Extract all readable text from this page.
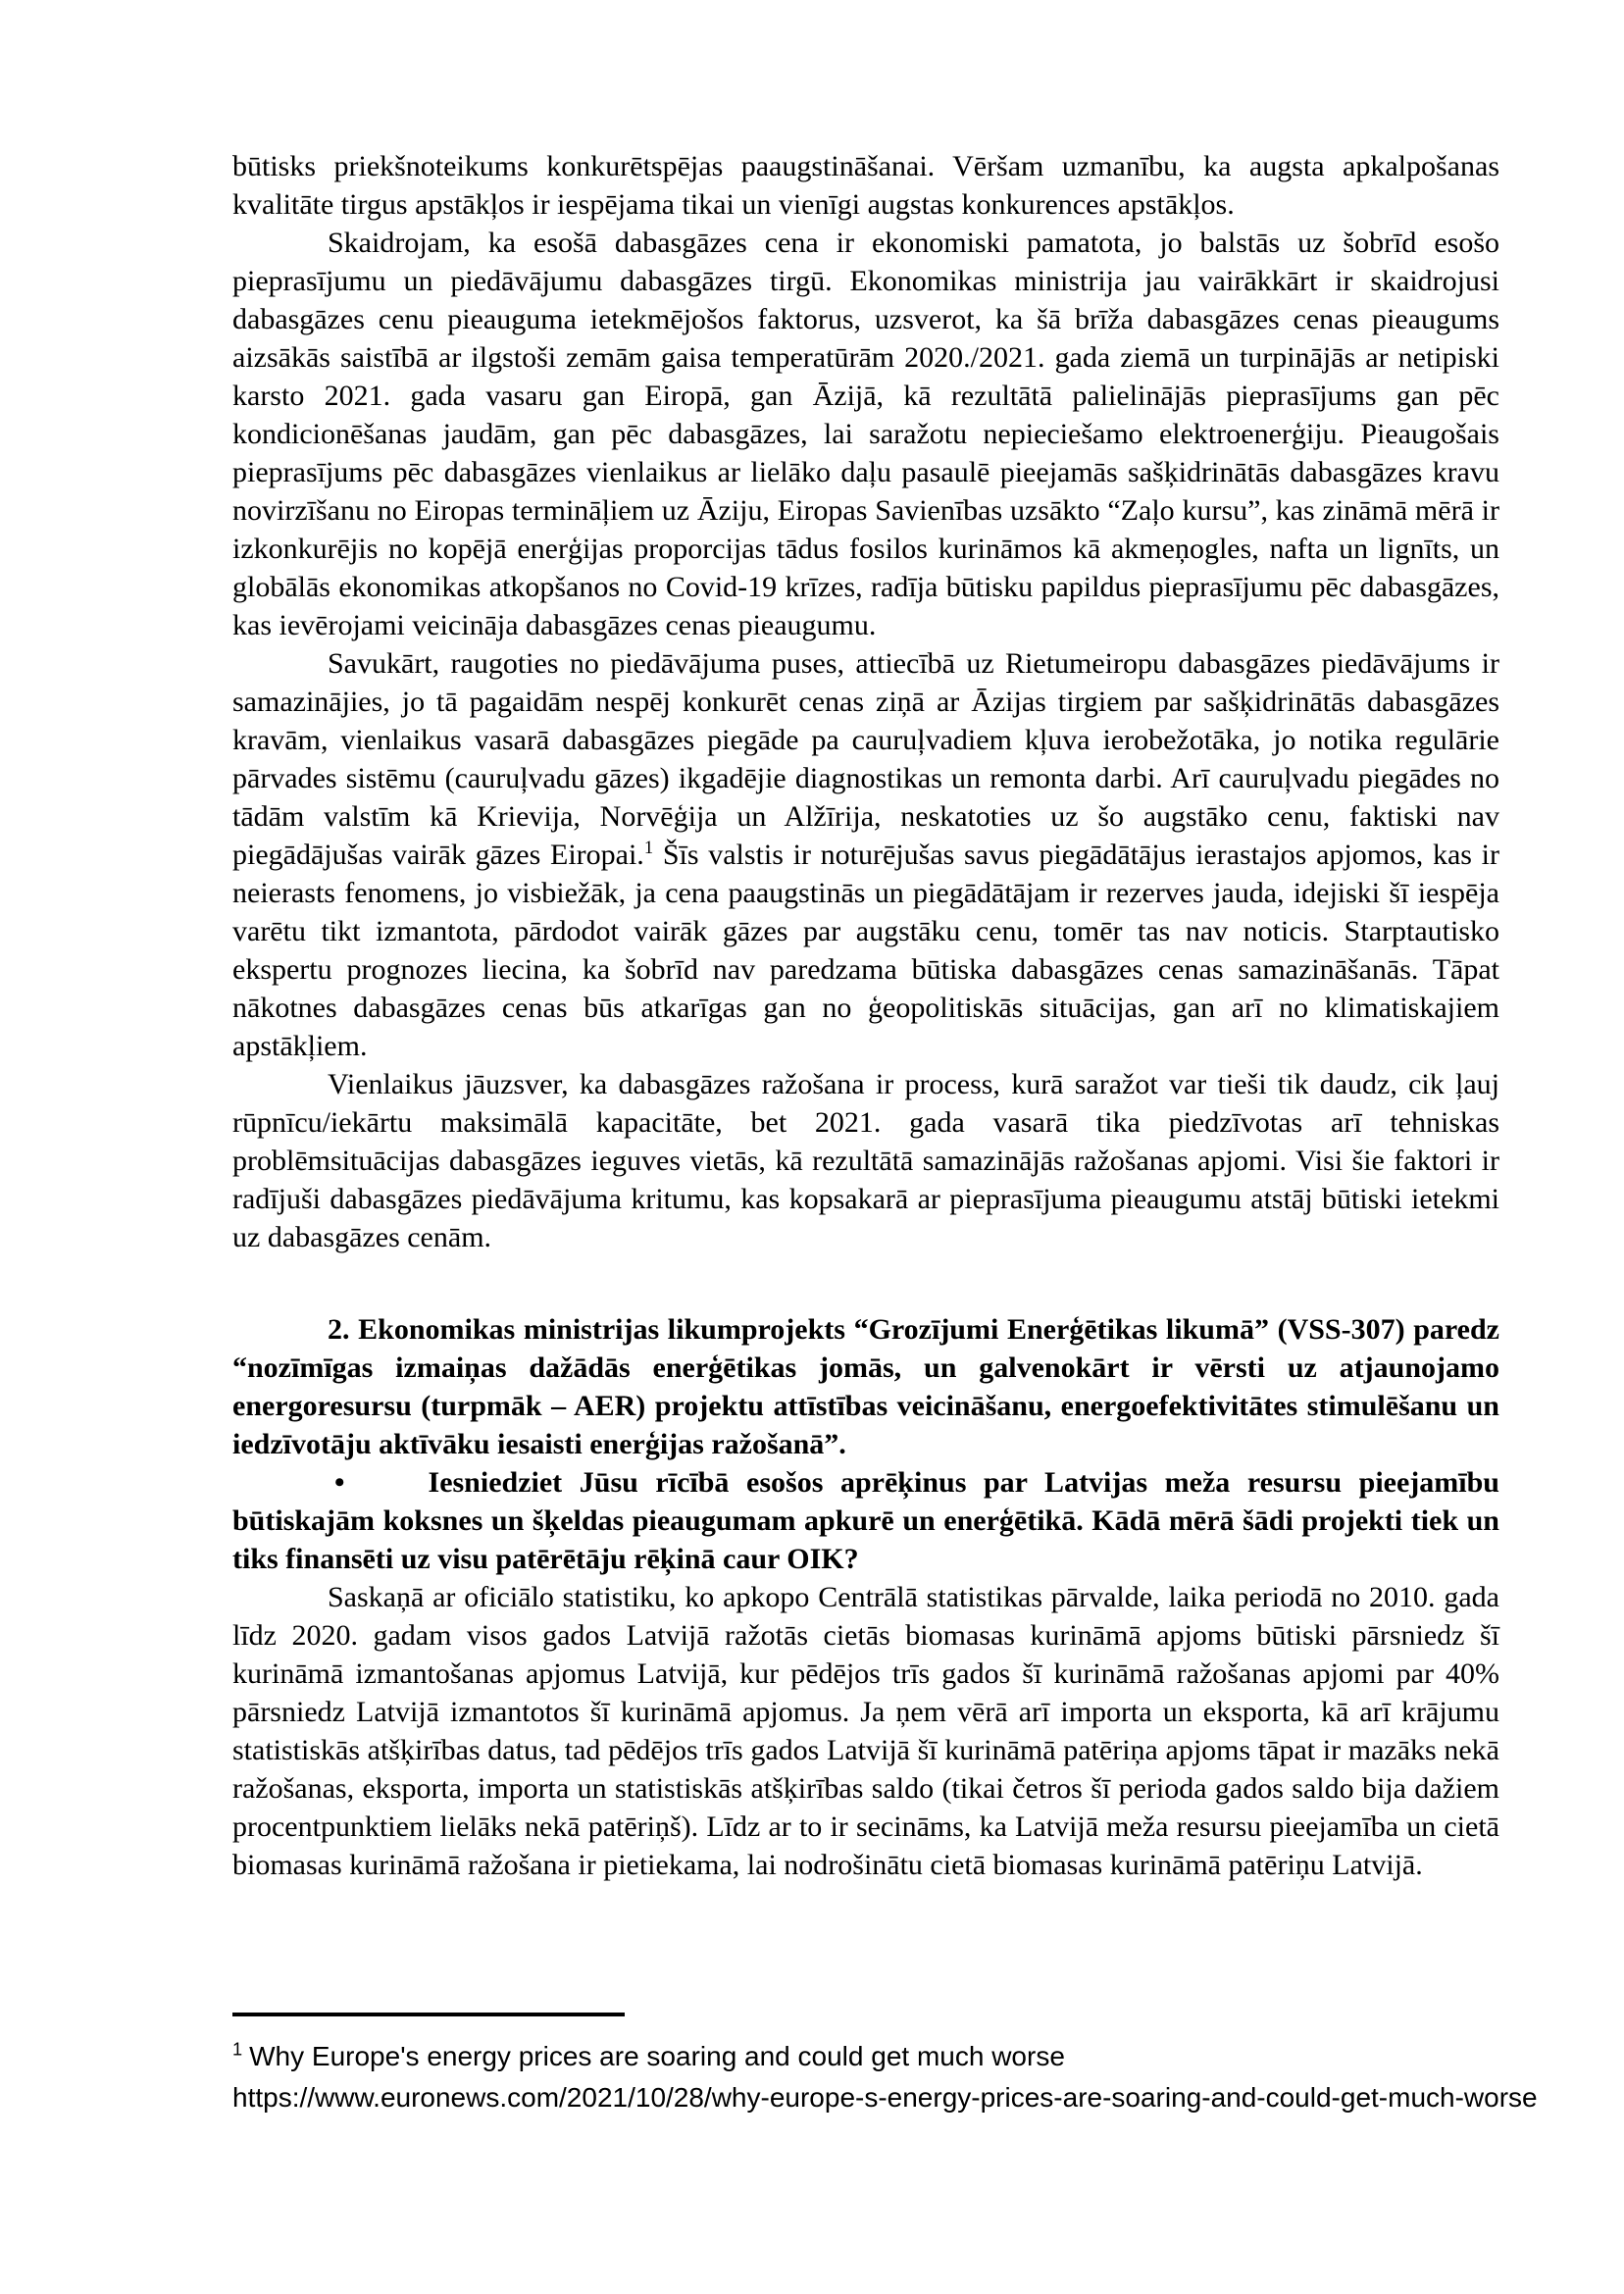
būtisks priekšnoteikums konkurētspējas paaugstināšanai. Vēršam uzmanību, ka augsta apkalpošanas kvalitāte tirgus apstākļos ir iespējama tikai un vienīgi augstas konkurences apstākļos.

Skaidrojam, ka esošā dabasgāzes cena ir ekonomiski pamatota, jo balstās uz šobrīd esošo pieprasījumu un piedāvājumu dabasgāzes tirgū. Ekonomikas ministrija jau vairākkārt ir skaidrojusi dabasgāzes cenu pieauguma ietekmējošos faktorus, uzsverot, ka šā brīža dabasgāzes cenas pieaugums aizsākās saistībā ar ilgstoši zemām gaisa temperatūrām 2020./2021. gada ziemā un turpinājās ar netipiski karsto 2021. gada vasaru gan Eiropā, gan Āzijā, kā rezultātā palielinājās pieprasījums gan pēc kondicionēšanas jaudām, gan pēc dabasgāzes, lai saražotu nepieciešamo elektroenerģiju. Pieaugošais pieprasījums pēc dabasgāzes vienlaikus ar lielāko daļu pasaulē pieejamās sašķidrinātās dabasgāzes kravu novirzīšanu no Eiropas termināļiem uz Āziju, Eiropas Savienības uzsākto “Zaļo kursu”, kas zināmā mērā ir izkonkurējis no kopējā enerģijas proporcijas tādus fosilos kurināmos kā akmeņogles, nafta un lignīts, un globālās ekonomikas atkopšanos no Covid-19 krīzes, radīja būtisku papildus pieprasījumu pēc dabasgāzes, kas ievērojami veicināja dabasgāzes cenas pieaugumu.

Savukārt, raugoties no piedāvājuma puses, attiecībā uz Rietumeiropu dabasgāzes piedāvājums ir samazinājies, jo tā pagaidām nespēj konkurēt cenas ziņā ar Āzijas tirgiem par sašķidrinātās dabasgāzes kravām, vienlaikus vasarā dabasgāzes piegāde pa cauruļvadiem kļuva ierobežotāka, jo notika regulārie pārvades sistēmu (cauruļvadu gāzes) ikgadējie diagnostikas un remonta darbi. Arī cauruļvadu piegādes no tādām valstīm kā Krievija, Norvēģija un Alžīrija, neskatoties uz šo augstāko cenu, faktiski nav piegādājušas vairāk gāzes Eiropai.$^1$ Šīs valstis ir noturējušas savus piegādātājus ierastajos apjomos, kas ir neierasts fenomens, jo visbiežāk, ja cena paaugstinās un piegādātājam ir rezerves jauda, idejiski šī iespēja varētu tikt izmantota, pārdodot vairāk gāzes par augstāku cenu, tomēr tas nav noticis. Starptautisko ekspertu prognozes liecina, ka šobrīd nav paredzama būtiska dabasgāzes cenas samazināšanās. Tāpat nākotnes dabasgāzes cenas būs atkarīgas gan no ģeopolitiskās situācijas, gan arī no klimatiskajiem apstākļiem.

Vienlaikus jāuzsver, ka dabasgāzes ražošana ir process, kurā saražot var tieši tik daudz, cik ļauj rūpnīcu/iekārtu maksimālā kapacitāte, bet 2021. gada vasarā tika piedzīvotas arī tehniskas problēmsituācijas dabasgāzes ieguves vietās, kā rezultātā samazinājās ražošanas apjomi. Visi šie faktori ir radījuši dabasgāzes piedāvājuma kritumu, kas kopsakarā ar pieprasījuma pieaugumu atstāj būtiski ietekmi uz dabasgāzes cenām.

2. Ekonomikas ministrijas likumprojekts “Grozījumi Enerģētikas likumā” (VSS-307) paredz “nozīmīgas izmaiņas dažādās enerģētikas jomās, un galvenokārt ir vērsti uz atjaunojamo energoresursu (turpmāk – AER) projektu attīstības veicināšanu, energoefektivitātes stimulēšanu un iedzīvotāju aktīvāku iesaisti enerģijas ražošanā”.

•	Iesniedziet Jūsu rīcībā esošos aprēķinus par Latvijas meža resursu pieejamību būtiskajām koksnes un šķeldas pieaugumam apkurē un enerģētikā. Kādā mērā šādi projekti tiek un tiks finansēti uz visu patērētāju rēķinā caur OIK?

Saskaņā ar oficiālo statistiku, ko apkopo Centrālā statistikas pārvalde, laika periodā no 2010. gada līdz 2020. gadam visos gados Latvijā ražotās cietās biomasas kurināmā apjoms būtiski pārsniedz šī kurināmā izmantošanas apjomus Latvijā, kur pēdējos trīs gados šī kurināmā ražošanas apjomi par 40% pārsniedz Latvijā izmantotos šī kurināmā apjomus. Ja ņem vērā arī importa un eksporta, kā arī krājumu statistiskās atšķirības datus, tad pēdējos trīs gados Latvijā šī kurināmā patēriņa apjoms tāpat ir mazāks nekā ražošanas, eksporta, importa un statistiskās atšķirības saldo (tikai četros šī perioda gados saldo bija dažiem procentpunktiem lielāks nekā patēriņš). Līdz ar to ir secināms, ka Latvijā meža resursu pieejamība un cietā biomasas kurināmā ražošana ir pietiekama, lai nodrošinātu cietā biomasas kurināmā patēriņu Latvijā.

$^1$ Why Europe's energy prices are soaring and could get much worse

https://www.euronews.com/2021/10/28/why-europe-s-energy-prices-are-soaring-and-could-get-much-worse
